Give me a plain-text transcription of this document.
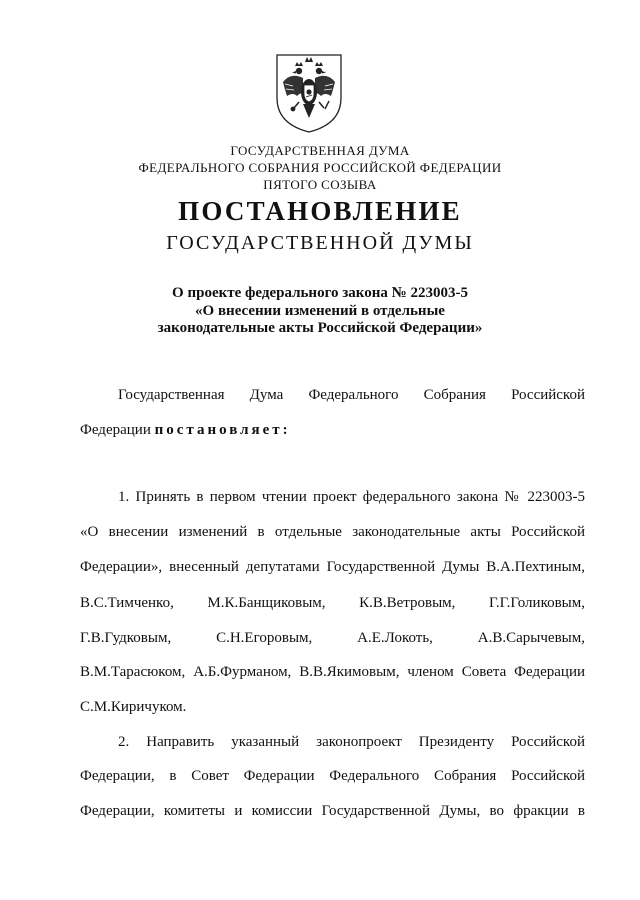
ГОСУДАРСТВЕННАЯ ДУМА
ФЕДЕРАЛЬНОГО СОБРАНИЯ РОССИЙСКОЙ ФЕДЕРАЦИИ
ПЯТОГО СОЗЫВА
ПОСТАНОВЛЕНИЕ
ГОСУДАРСТВЕННОЙ ДУМЫ
О проекте федерального закона № 223003-5
«О внесении изменений в отдельные
законодательные акты Российской Федерации»
Государственная Дума Федерального Собрания Российской
Федерации постановляет:
1. Принять в первом чтении проект федерального закона № 223003-5
«О внесении изменений в отдельные законодательные акты Российской
Федерации», внесенный депутатами Государственной Думы В.А.Пехтиным,
В.С.Тимченко, М.К.Банщиковым, К.В.Ветровым, Г.Г.Голиковым,
Г.В.Гудковым, С.Н.Егоровым, А.Е.Локоть, А.В.Сарычевым,
В.М.Тарасюком, А.Б.Фурманом, В.В.Якимовым, членом Совета Федерации
С.М.Киричуком.
2. Направить указанный законопроект Президенту Российской
Федерации, в Совет Федерации Федерального Собрания Российской
Федерации, комитеты и комиссии Государственной Думы, во фракции в
